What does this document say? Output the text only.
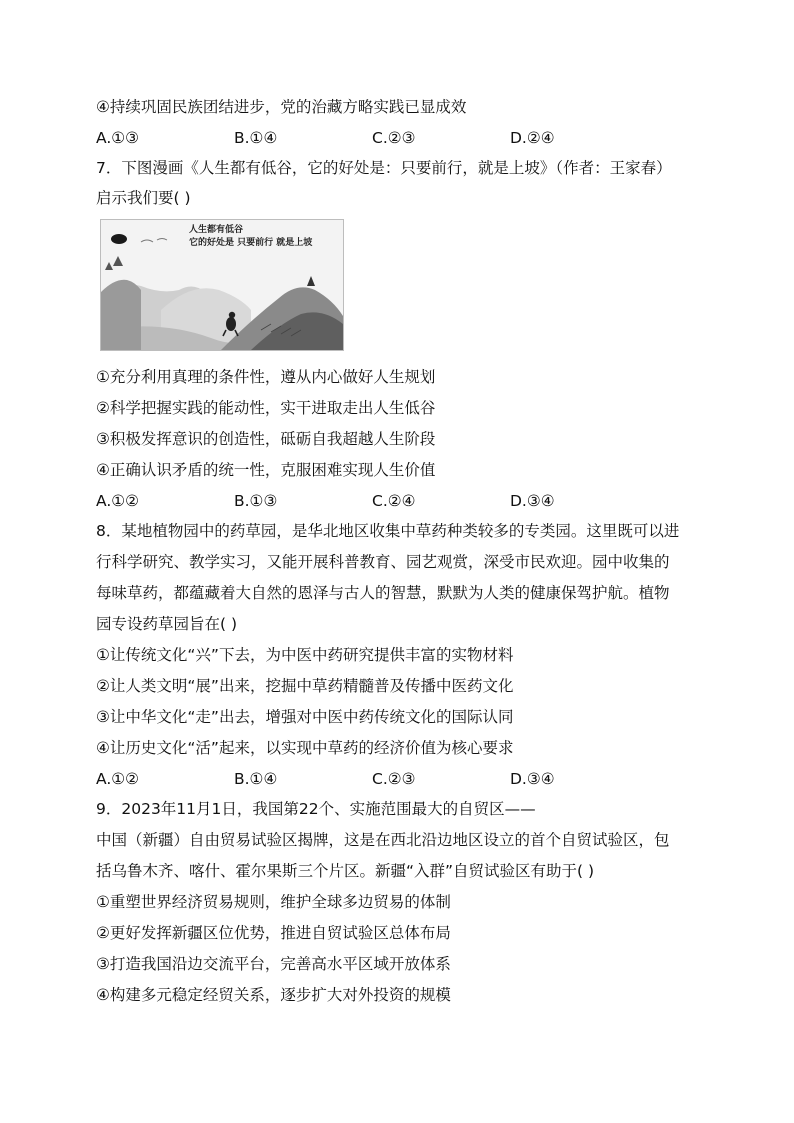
④持续巩固民族团结进步，党的治藏方略实践已显成效
A.①③	B.①④	C.②③	D.②④
7．下图漫画《人生都有低谷，它的好处是：只要前行，就是上坡》（作者：王家春）
启示我们要( )
人生都有低谷
它的好处是 只要前行 就是上坡
①充分利用真理的条件性，遵从内心做好人生规划
②科学把握实践的能动性，实干进取走出人生低谷
③积极发挥意识的创造性，砥砺自我超越人生阶段
④正确认识矛盾的统一性，克服困难实现人生价值
A.①②	B.①③	C.②④	D.③④
8．某地植物园中的药草园，是华北地区收集中草药种类较多的专类园。这里既可以进
行科学研究、教学实习，又能开展科普教育、园艺观赏，深受市民欢迎。园中收集的
每味草药，都蕴藏着大自然的恩泽与古人的智慧，默默为人类的健康保驾护航。植物
园专设药草园旨在( )
①让传统文化“兴”下去，为中医中药研究提供丰富的实物材料
②让人类文明“展”出来，挖掘中草药精髓普及传播中医药文化
③让中华文化“走”出去，增强对中医中药传统文化的国际认同
④让历史文化“活”起来，以实现中草药的经济价值为核心要求
A.①②	B.①④	C.②③	D.③④
9．2023年11月1日，我国第22个、实施范围最大的自贸区——
中国（新疆）自由贸易试验区揭牌，这是在西北沿边地区设立的首个自贸试验区，包
括乌鲁木齐、喀什、霍尔果斯三个片区。新疆“入群”自贸试验区有助于( )
①重塑世界经济贸易规则，维护全球多边贸易的体制
②更好发挥新疆区位优势，推进自贸试验区总体布局
③打造我国沿边交流平台，完善高水平区域开放体系
④构建多元稳定经贸关系，逐步扩大对外投资的规模
